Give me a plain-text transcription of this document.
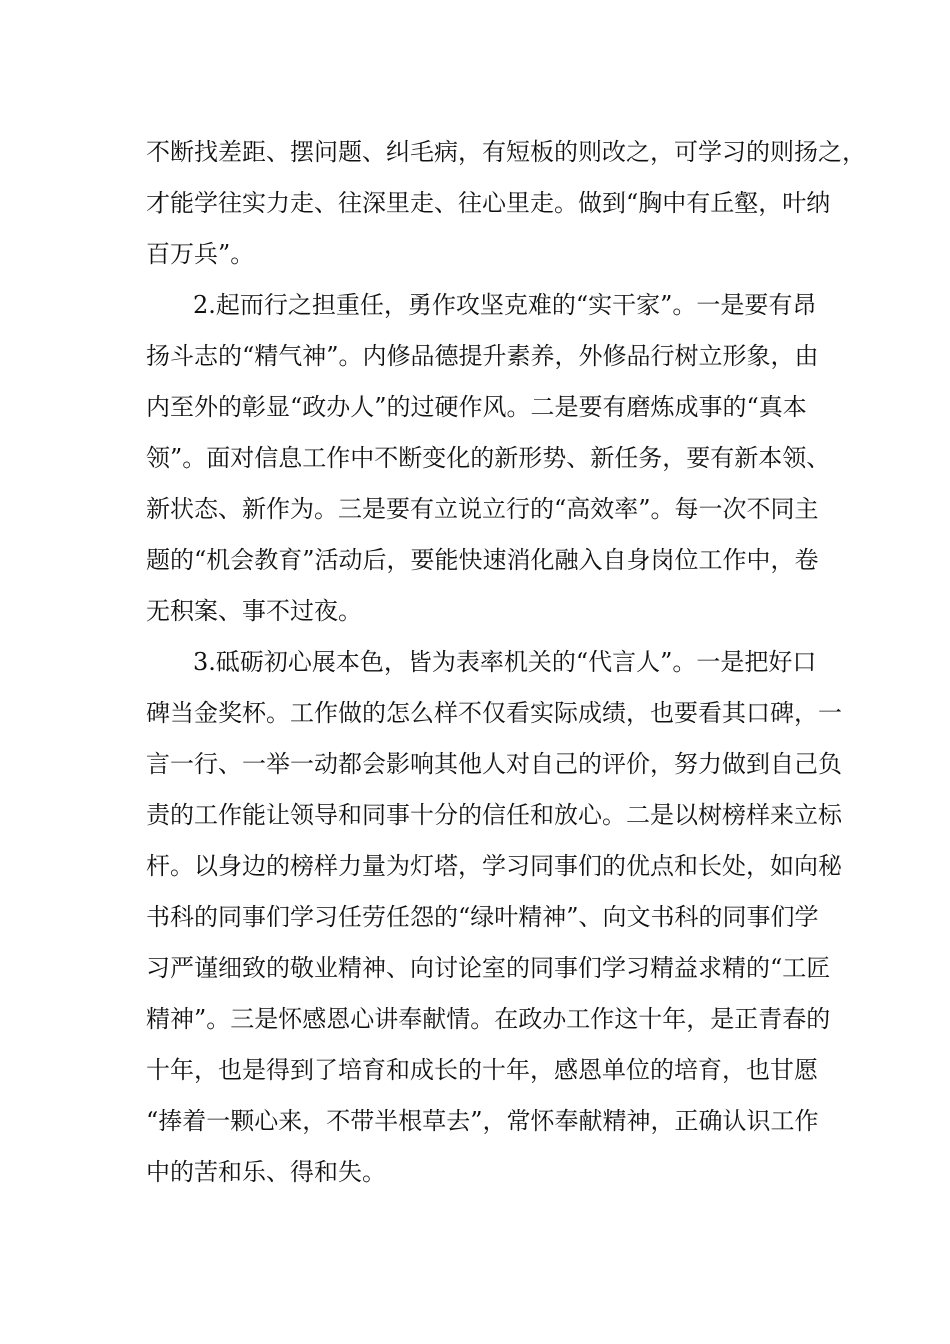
不断找差距、摆问题、纠毛病，有短板的则改之，可学习的则扬之，
才能学往实力走、往深里走、往心里走。做到“胸中有丘壑，叶纳
百万兵”。
2.起而行之担重任，勇作攻坚克难的“实干家”。一是要有昂
扬斗志的“精气神”。内修品德提升素养，外修品行树立形象，由
内至外的彰显“政办人”的过硬作风。二是要有磨炼成事的“真本
领”。面对信息工作中不断变化的新形势、新任务，要有新本领、
新状态、新作为。三是要有立说立行的“高效率”。每一次不同主
题的“机会教育”活动后，要能快速消化融入自身岗位工作中，卷
无积案、事不过夜。
3.砥砺初心展本色，皆为表率机关的“代言人”。一是把好口
碑当金奖杯。工作做的怎么样不仅看实际成绩，也要看其口碑，一
言一行、一举一动都会影响其他人对自己的评价，努力做到自己负
责的工作能让领导和同事十分的信任和放心。二是以树榜样来立标
杆。以身边的榜样力量为灯塔，学习同事们的优点和长处，如向秘
书科的同事们学习任劳任怨的“绿叶精神”、向文书科的同事们学
习严谨细致的敬业精神、向讨论室的同事们学习精益求精的“工匠
精神”。三是怀感恩心讲奉献情。在政办工作这十年，是正青春的
十年，也是得到了培育和成长的十年，感恩单位的培育，也甘愿
“捧着一颗心来，不带半根草去”，常怀奉献精神，正确认识工作
中的苦和乐、得和失。
